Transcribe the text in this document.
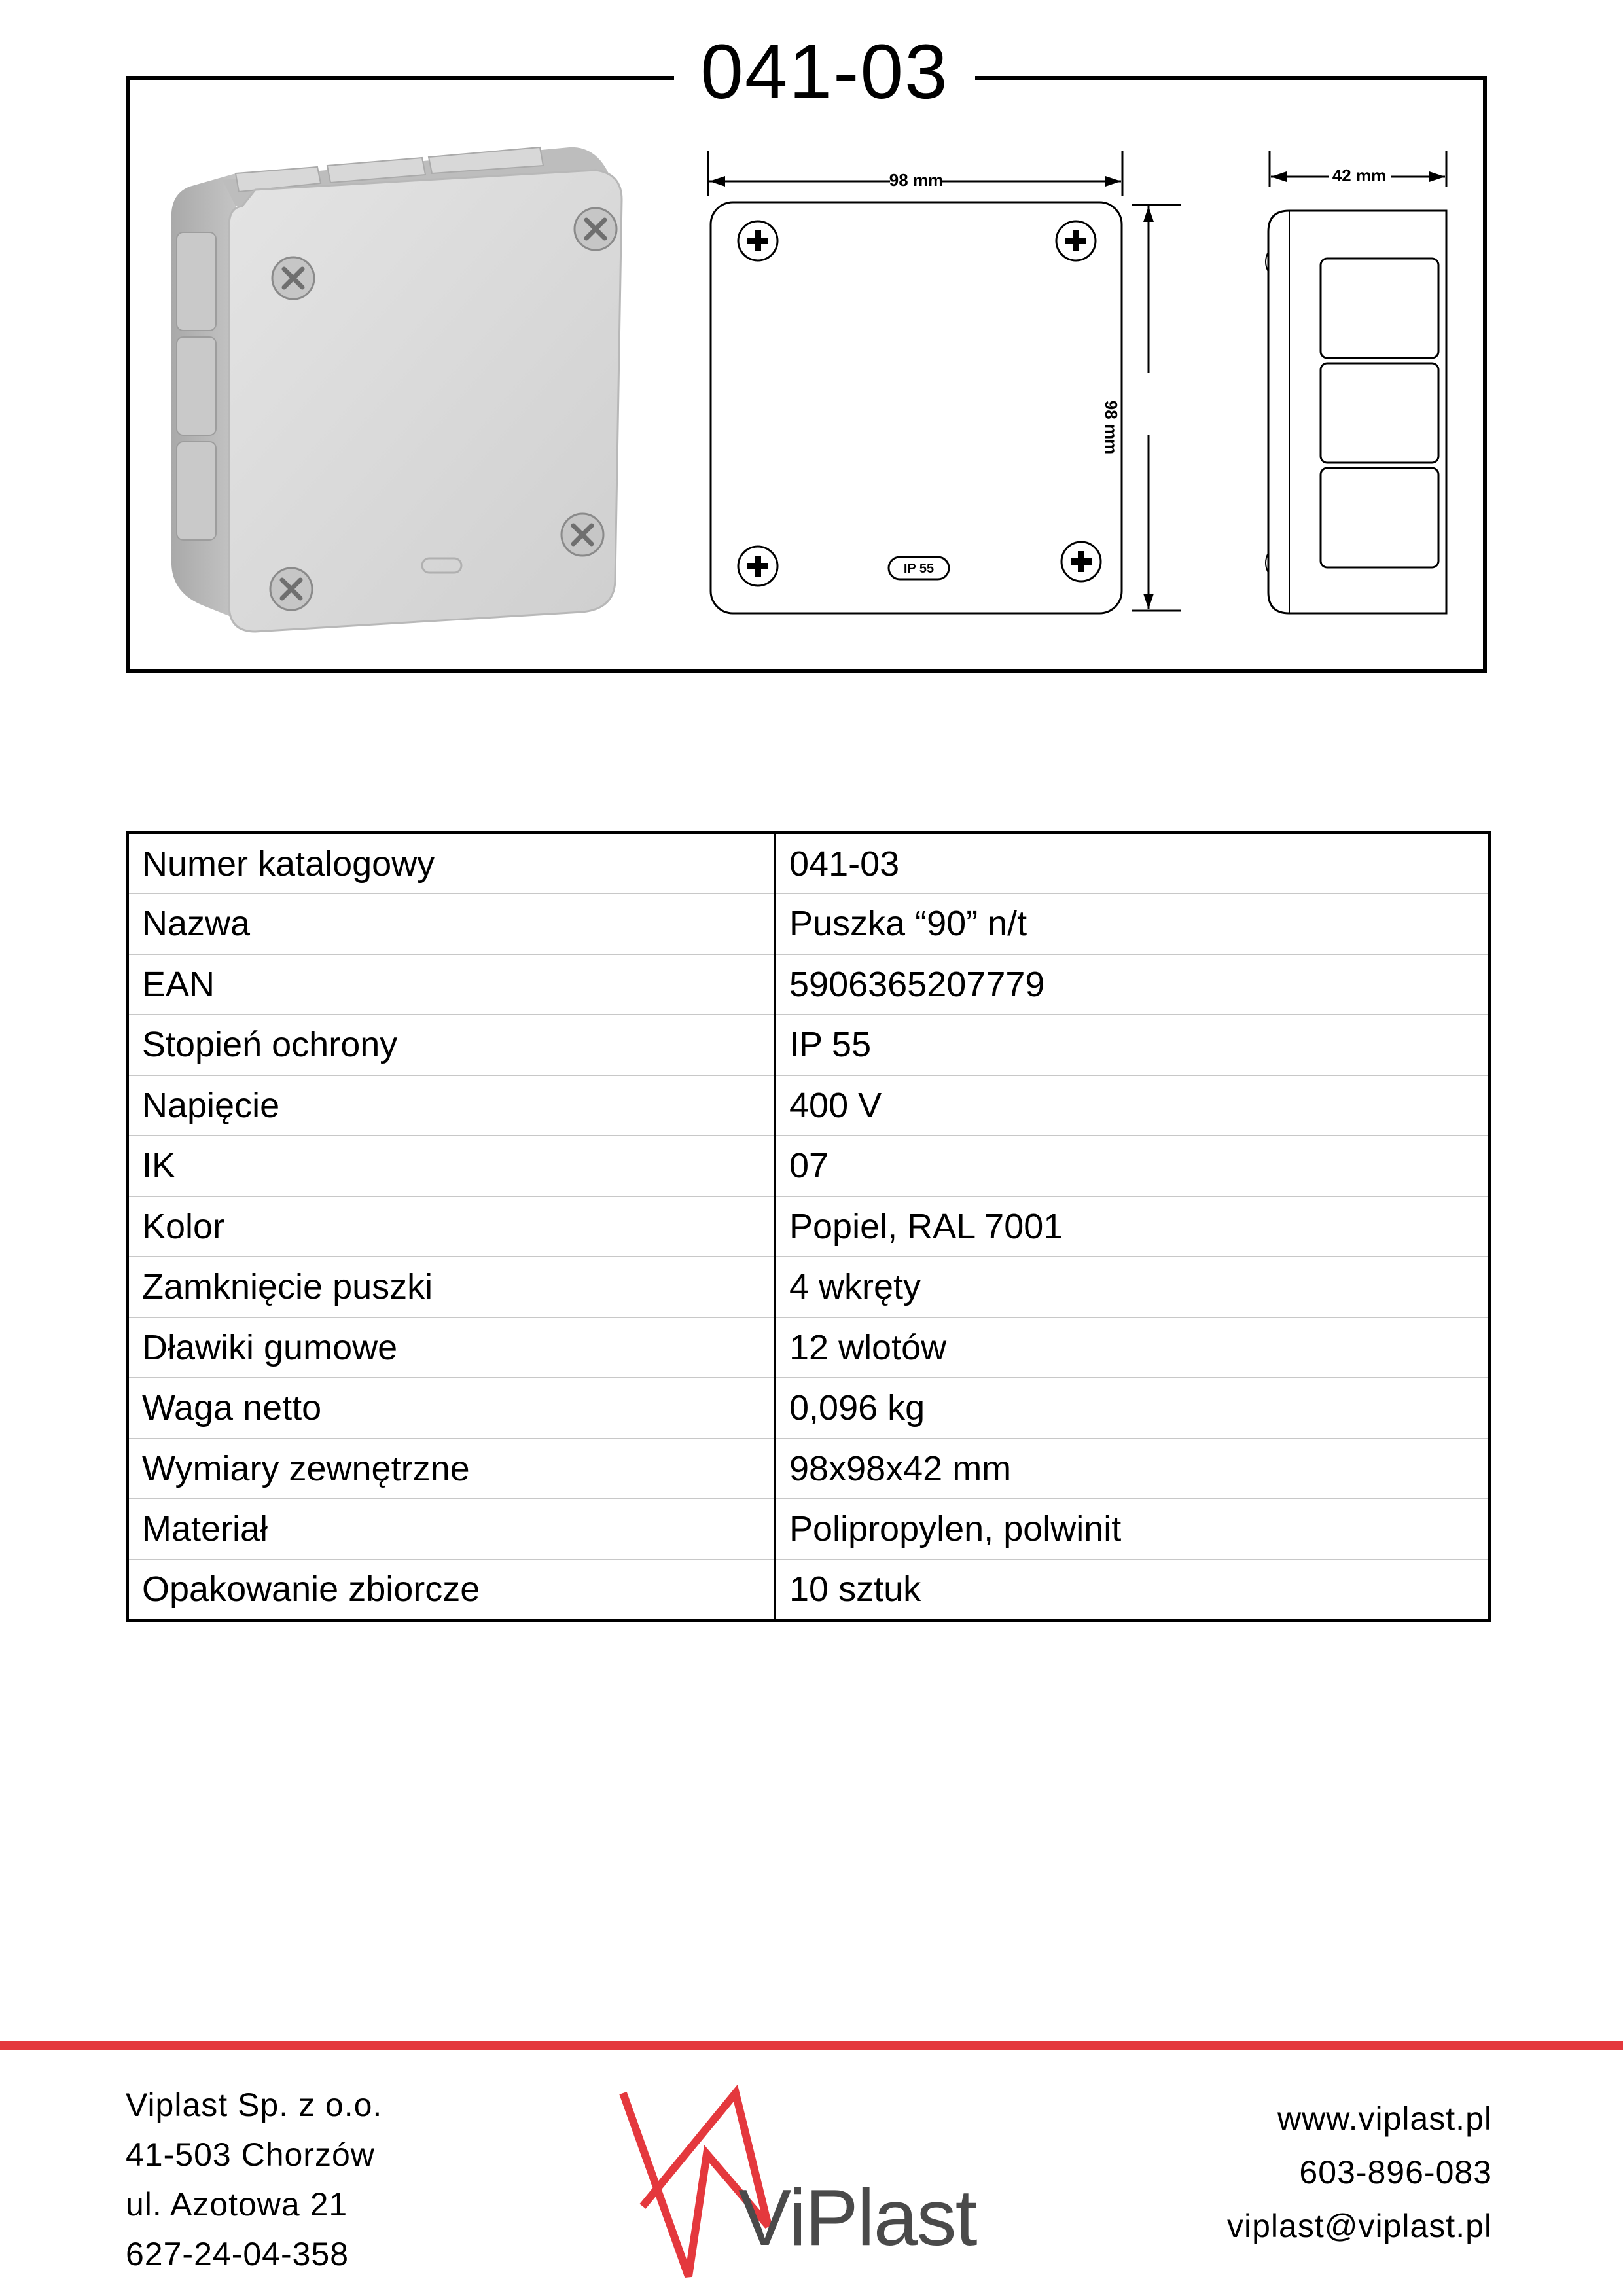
041-03
98 mm
98 mm
IP 55
42 mm
Numer katalogowy	041-03
Nazwa	Puszka “90” n/t
EAN	5906365207779
Stopień ochrony	IP 55
Napięcie	400 V
IK	07
Kolor	Popiel, RAL 7001
Zamknięcie puszki	4 wkręty
Dławiki gumowe	12 wlotów
Waga netto	0,096 kg
Wymiary zewnętrzne	98x98x42 mm
Materiał	Polipropylen, polwinit
Opakowanie zbiorcze	10 sztuk
Viplast Sp. z o.o.
41-503 Chorzów
ul. Azotowa 21
627-24-04-358	ViPlast
www.viplast.pl
603-896-083
viplast@viplast.pl
